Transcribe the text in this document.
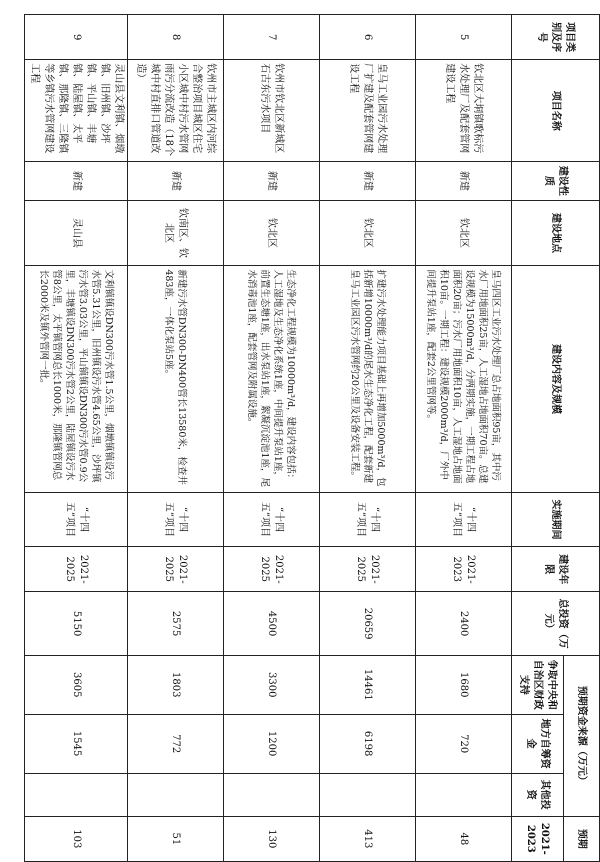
项目类别及序号	项目名称	建设性质	建设地点	建设内容及规模	实施期间	建设年限	总投资（万元）	预期资金来源（万元）			预期
								争取中央和自治区财政支持	地方自筹资金	其他投资	2021-2023
5	钦北区大垌镇歌标污水处理厂及配套管网建设工程	新建	钦北区	皇马四区工业污水处理厂总占地面积95亩，其中污水厂用地面积25亩，人工湿地占地面积70亩。总建设规模为15000m³/d，分两期实施，一期工程占地面积20亩；污水厂用地面积10亩，人工湿地占地面积10亩。一期工程：建设规模2000m³/d，厂外中间提升泵站1座，配套2公里管网等。	“十四五”项目	2021-2023	2400	1680	720		48
6	皇马工业园污水处理厂扩建及配套管网建设工程	新建	钦北区	扩建污水处理能力项目基础上再增加5000m³/d，包括新增10000m³/d的尾水生态净化工程，配套新建皇马工业园区污水管网约20公里及设备安装工程。	“十四五”项目	2021-2025	20659	14461	6198		413
7	钦州市钦北区新城区石古东污水项目	新建	钦北区	生态净化工程规模为10000m³/d，建设内容包括：人工湿地及生态净化系统1座，中间提升泵站1座，前置生态塘1座，出水泵站1座，絮凝沉淀池1座，尾水消毒池1座，配套管网及附属设施。	“十四五”项目	2021-2025	4500	3300	1200		130
8	钦州市主城区内河综合整治项目城区住宅小区城中村污水管网雨污分流改造（18个城中村直排口管道改造）	新建	钦南区、钦北区	新建污水管DN300-DN400管长13580米，检查井483座，一体化泵站5座。	“十四五”项目	2021-2025	2575	1803	772		51
9	灵山县文利镇、烟墩镇、旧州镇、沙坪镇、平山镇、丰塘镇、陆屋镇、太平镇、那隆镇、三隆镇等乡镇污水管网建设工程	新建	灵山县	文利镇镇设DN300污水管1.5公里，烟墩镇镇设污水管5.31公里，旧州镇设污水管4.65公里，沙坪镇污水管3.03公里，平山镇镇设DN300污水管0.9公里，丰塘镇设DN300污水管2公里，陆屋镇设污水管8公里，太平镇管网总长1000米，那隆镇管网总长2000米及镇外管网一批。	“十四五”项目	2021-2025	5150	3605	1545		103
